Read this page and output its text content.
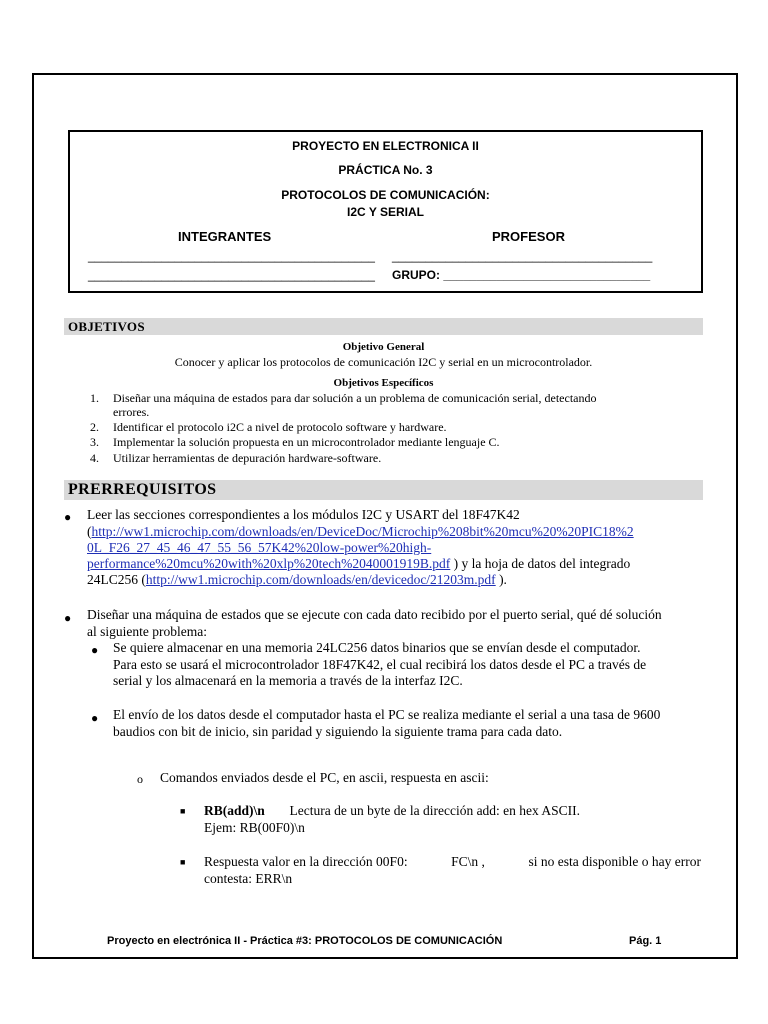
PROYECTO EN ELECTRONICA II
PRÁCTICA No. 3
PROTOCOLOS DE COMUNICACIÓN:
I2C Y SERIAL
INTEGRANTES	PROFESOR
___________________________________________ _______________________________________
___________________________________________ GRUPO: _______________________________
OBJETIVOS
Objetivo General
Conocer y aplicar los protocolos de comunicación I2C y serial en un microcontrolador.
Objetivos Específicos
1. Diseñar una máquina de estados para dar solución a un problema de comunicación serial, detectando
errores.
2. Identificar el protocolo i2C a nivel de protocolo software y hardware.
3. Implementar la solución propuesta en un microcontrolador mediante lenguaje C.
4. Utilizar herramientas de depuración hardware-software.
PRERREQUISITOS
● Leer las secciones correspondientes a los módulos I2C y USART del 18F47K42
(http://ww1.microchip.com/downloads/en/DeviceDoc/Microchip%208bit%20mcu%20%20PIC18%2
0L_F26_27_45_46_47_55_56_57K42%20low-power%20high-
performance%20mcu%20with%20xlp%20tech%2040001919B.pdf ) y la hoja de datos del integrado
24LC256 (http://ww1.microchip.com/downloads/en/devicedoc/21203m.pdf ).
● Diseñar una máquina de estados que se ejecute con cada dato recibido por el puerto serial, qué dé solución
al siguiente problema:
● Se quiere almacenar en una memoria 24LC256 datos binarios que se envían desde el computador.
Para esto se usará el microcontrolador 18F47K42, el cual recibirá los datos desde el PC a través de
serial y los almacenará en la memoria a través de la interfaz I2C.
● El envío de los datos desde el computador hasta el PC se realiza mediante el serial a una tasa de 9600
baudios con bit de inicio, sin paridad y siguiendo la siguiente trama para cada dato.
o Comandos enviados desde el PC, en ascii, respuesta en ascii:
■ RB(add)\n Lectura de un byte de la dirección add: en hex ASCII.
Ejem: RB(00F0)\n
■ Respuesta valor en la dirección 00F0:	FC\n ,	si no esta disponible o hay error
contesta: ERR\n
Proyecto en electrónica II - Práctica #3: PROTOCOLOS DE COMUNICACIÓN	Pág. 1
